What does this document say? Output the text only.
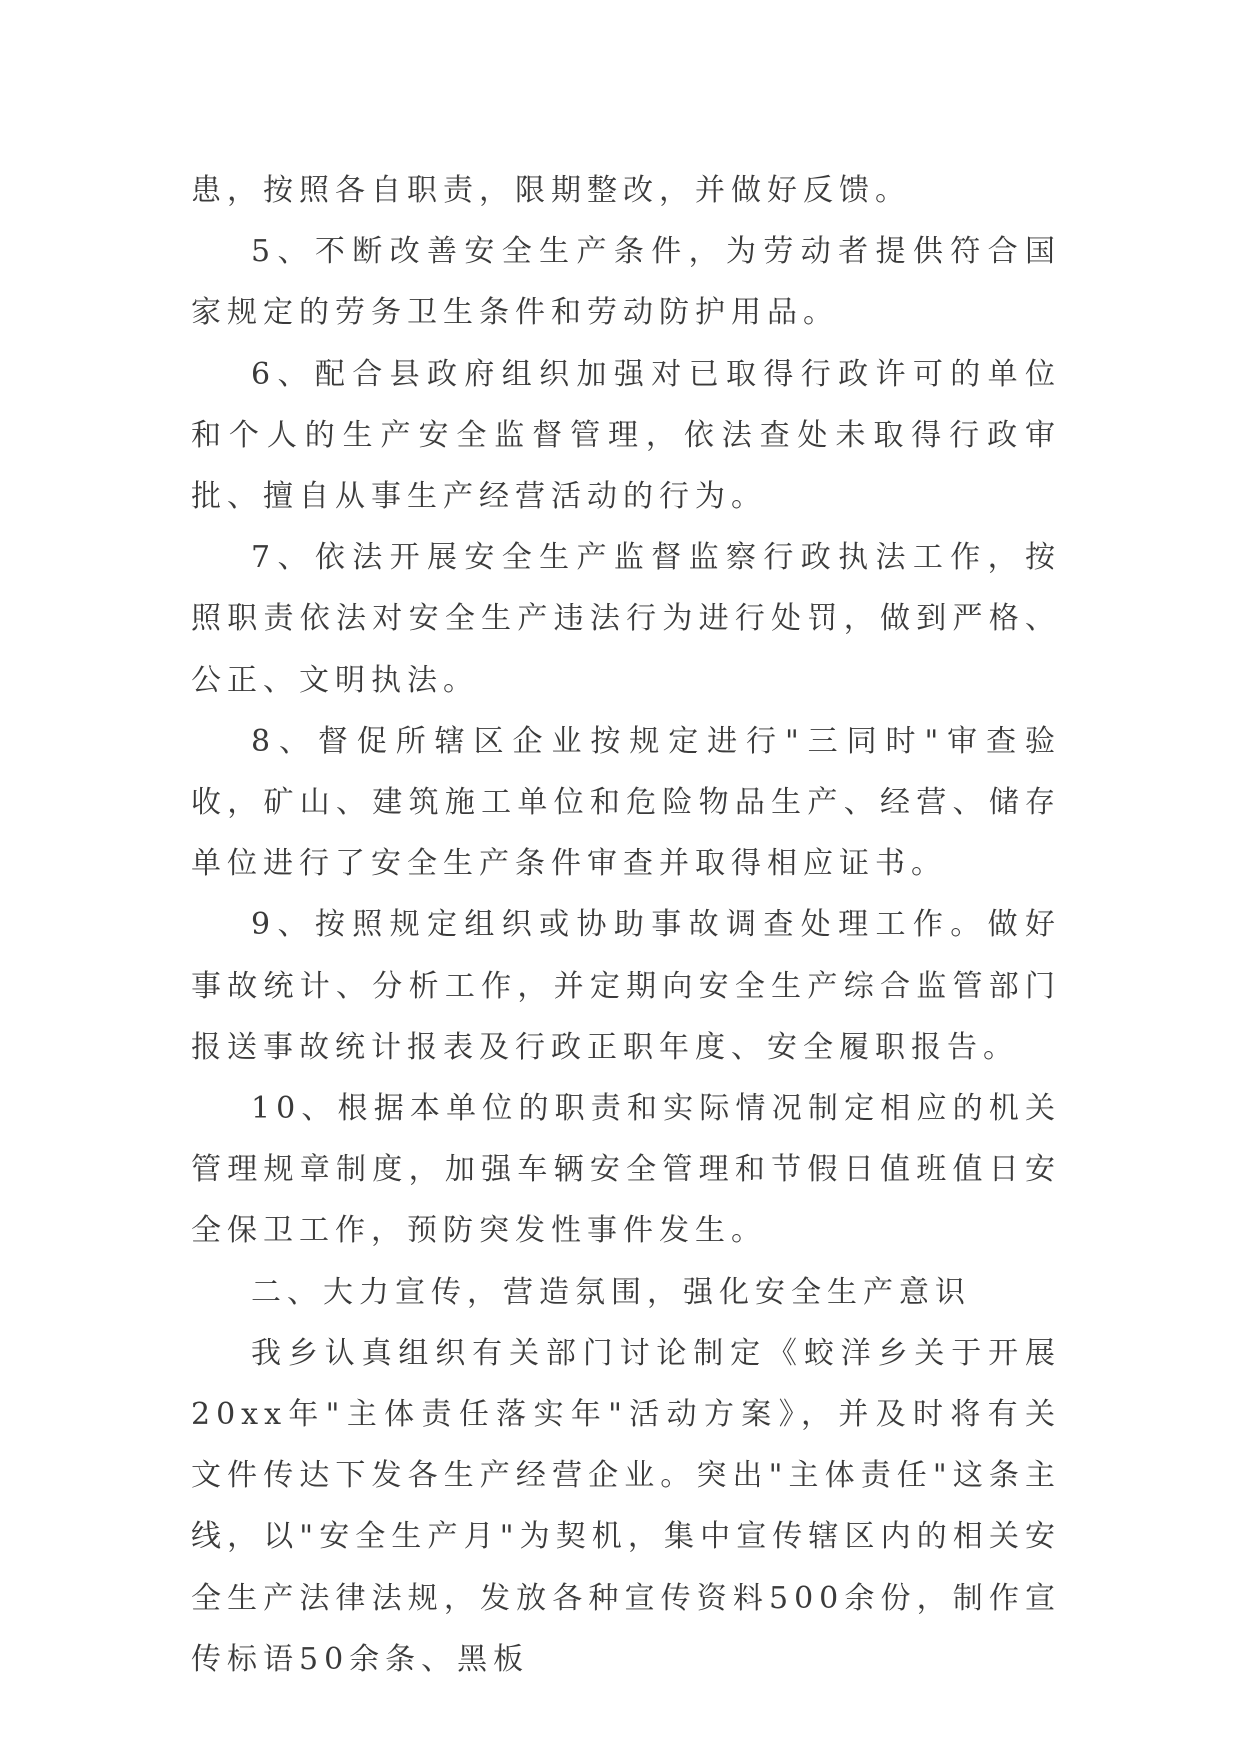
患，按照各自职责，限期整改，并做好反馈。

5、不断改善安全生产条件，为劳动者提供符合国家规定的劳务卫生条件和劳动防护用品。

6、配合县政府组织加强对已取得行政许可的单位和个人的生产安全监督管理，依法查处未取得行政审批、擅自从事生产经营活动的行为。

7、依法开展安全生产监督监察行政执法工作，按照职责依法对安全生产违法行为进行处罚，做到严格、公正、文明执法。

8、督促所辖区企业按规定进行"三同时"审查验收，矿山、建筑施工单位和危险物品生产、经营、储存单位进行了安全生产条件审查并取得相应证书。

9、按照规定组织或协助事故调查处理工作。做好事故统计、分析工作，并定期向安全生产综合监管部门报送事故统计报表及行政正职年度、安全履职报告。

10、根据本单位的职责和实际情况制定相应的机关管理规章制度，加强车辆安全管理和节假日值班值日安全保卫工作，预防突发性事件发生。

二、大力宣传，营造氛围，强化安全生产意识

我乡认真组织有关部门讨论制定《蛟洋乡关于开展20xx年"主体责任落实年"活动方案》，并及时将有关文件传达下发各生产经营企业。突出"主体责任"这条主线，以"安全生产月"为契机，集中宣传辖区内的相关安全生产法律法规，发放各种宣传资料500余份，制作宣传标语50余条、黑板
